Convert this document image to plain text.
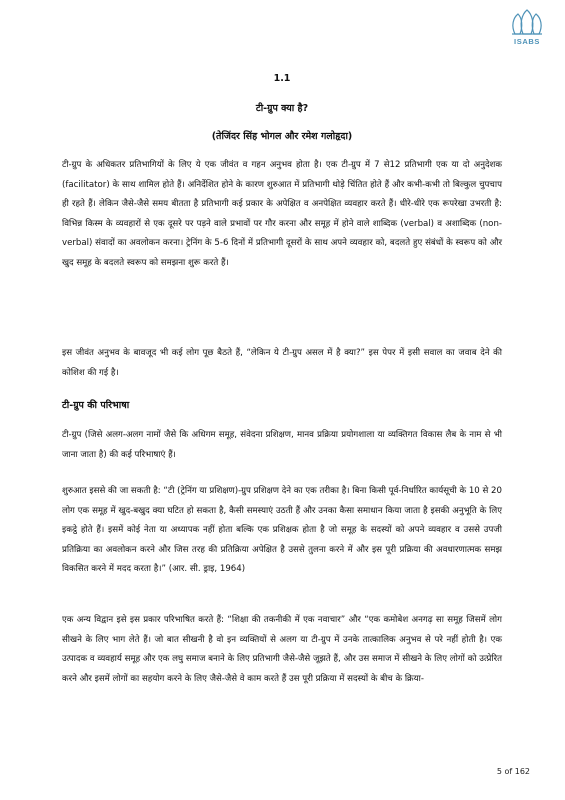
ISABS
1.1
टी-ग्रुप क्या है?
(तेजिंदर सिंह भोगल और रमेश गलोहृदा)

टी-ग्रुप के अधिकतर प्रतिभागियों के लिए ये एक जीवंत व गहन अनुभव होता है। एक टी-ग्रुप में 7 से12 प्रतिभागी एक या दो अनुदेशक (facilitator) के साथ शामिल होते हैं। अनिर्देशित होने के कारण शुरुआत में प्रतिभागी थोड़े चिंतित होते हैं और कभी-कभी तो बिल्कुल चुपचाप ही रहते हैं। लेकिन जैसे-जैसे समय बीतता है प्रतिभागी कई प्रकार के अपेक्षित व अनपेक्षित व्यवहार करते हैं। धीरे-धीरे एक रूपरेखा उभरती है: विभिन्न किस्म के व्यवहारों से एक दूसरे पर पड़ने वाले प्रभावों पर गौर करना और समूह में होने वाले शाब्दिक (verbal) व अशाब्दिक (non-verbal) संवादों का अवलोकन करना। ट्रेनिंग के 5-6 दिनों में प्रतिभागी दूसरों के साथ अपने व्यवहार को, बदलते हुए संबंधों के स्वरूप को और खुद समूह के बदलते स्वरूप को समझना शुरू करते हैं।

इस जीवंत अनुभव के बावजूद भी कई लोग पूछ बैठते हैं, “लेकिन ये टी-ग्रुप असल में है क्या?” इस पेपर में इसी सवाल का जवाब देने की कोशिश की गई है।

टी-ग्रुप की परिभाषा

टी-ग्रुप (जिसे अलग-अलग नामों जैसे कि अधिगम समूह, संवेदना प्रशिक्षण, मानव प्रक्रिया प्रयोगशाला या व्यक्तिगत विकास लैब के नाम से भी जाना जाता है) की कई परिभाषाएं हैं।

शुरुआत इससे की जा सकती है: “टी (ट्रेनिंग या प्रशिक्षण)-ग्रुप प्रशिक्षण देने का एक तरीका है। बिना किसी पूर्व-निर्धारित कार्यसूची के 10 से 20 लोग एक समूह में खुद-बखुद क्या घटित हो सकता है, कैसी समस्याएं उठती हैं और उनका कैसा समाधान किया जाता है इसकी अनुभूति के लिए इकट्ठे होते हैं। इसमें कोई नेता या अध्यापक नहीं होता बल्कि एक प्रशिक्षक होता है जो समूह के सदस्यों को अपने व्यवहार व उससे उपजी प्रतिक्रिया का अवलोकन करने और जिस तरह की प्रतिक्रिया अपेक्षित है उससे तुलना करने में और इस पूरी प्रक्रिया की अवधारणात्मक समझ विकसित करने में मदद करता है।” (आर. सी. ड्राइ, 1964)

एक अन्य विद्वान इसे इस प्रकार परिभाषित करते हैं: “शिक्षा की तकनीकी में एक नवाचार” और “एक कमोबेश अनगढ़ सा समूह जिसमें लोग सीखने के लिए भाग लेते हैं। जो बात सीखनी है वो इन व्यक्तियों से अलग या टी-ग्रुप में उनके तात्कालिक अनुभव से परे नहीं होती है। एक उत्पादक व व्यवहार्य समूह और एक लघु समाज बनाने के लिए प्रतिभागी जैसे-जैसे जूझते हैं, और उस समाज में सीखने के लिए लोगों को उत्प्रेरित करने और इसमें लोगों का सहयोग करने के लिए जैसे-जैसे वे काम करते हैं उस पूरी प्रक्रिया में सदस्यों के बीच के क्रिया-

5 of 162
